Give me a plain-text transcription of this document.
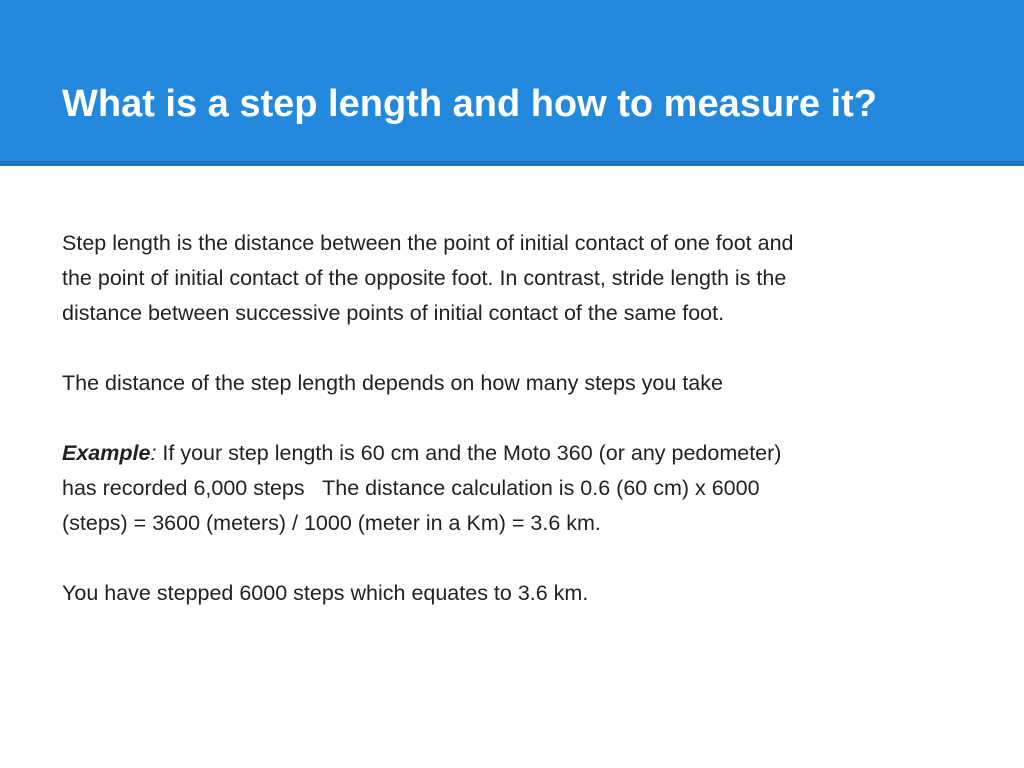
What is a step length and how to measure it?

Step length is the distance between the point of initial contact of one foot and
the point of initial contact of the opposite foot. In contrast, stride length is the
distance between successive points of initial contact of the same foot.

The distance of the step length depends on how many steps you take

Example: If your step length is 60 cm and the Moto 360 (or any pedometer)
has recorded 6,000 steps   The distance calculation is 0.6 (60 cm) x 6000
(steps) = 3600 (meters) / 1000 (meter in a Km) = 3.6 km.

You have stepped 6000 steps which equates to 3.6 km.
